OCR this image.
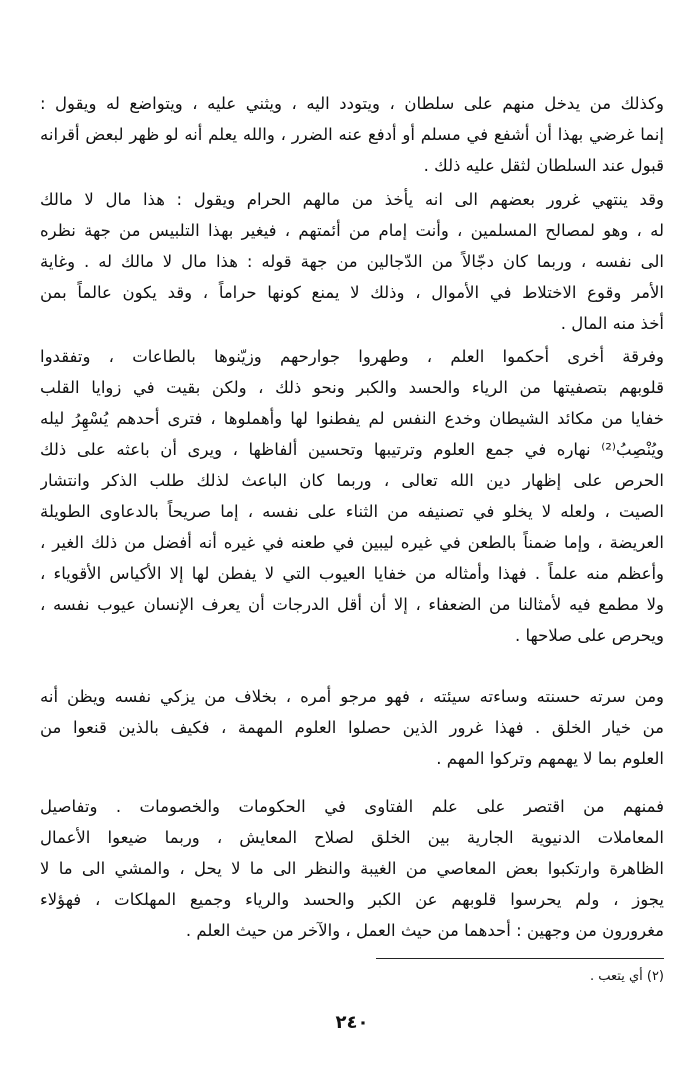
وكذلك من يدخل منهم على سلطان ، ويتودد اليه ، ويثني عليه ، ويتواضع له ويقول :
إنما غرضي بهذا أن أشفع في مسلم أو أدفع عنه الضرر ، والله يعلم أنه لو ظهر لبعض أقرانه
قبول عند السلطان لثقل عليه ذلك .

وقد ينتهي غرور بعضهم الى انه يأخذ من مالهم الحرام ويقول : هذا مال لا مالك
له ، وهو لمصالح المسلمين ، وأنت إمام من أئمتهم ، فيغير بهذا التلبيس من جهة نظره
الى نفسه ، وربما كان دجّالاً من الدّجالين من جهة قوله : هذا مال لا مالك له . وغاية
الأمر وقوع الاختلاط في الأموال ، وذلك لا يمنع كونها حراماً ، وقد يكون عالماً بمن
أخذ منه المال .

وفرقة أخرى أحكموا العلم ، وطهروا جوارحهم وزيّنوها بالطاعات ، وتفقدوا
قلوبهم بتصفيتها من الرياء والحسد والكبر ونحو ذلك ، ولكن بقيت في زوايا القلب
خفايا من مكائد الشيطان وخدع النفس لم يفطنوا لها وأهملوها ، فترى أحدهم يُسْهِرُ ليله
ويُنْصِبُ⁽²⁾ نهاره في جمع العلوم وترتيبها وتحسين ألفاظها ، ويرى أن باعثه على ذلك
الحرص على إظهار دين الله تعالى ، وربما كان الباعث لذلك طلب الذكر وانتشار
الصيت ، ولعله لا يخلو في تصنيفه من الثناء على نفسه ، إما صريحاً بالدعاوى الطويلة
العريضة ، وإما ضمناً بالطعن في غيره ليبين في طعنه في غيره أنه أفضل من ذلك الغير ،
وأعظم منه علماً . فهذا وأمثاله من خفايا العيوب التي لا يفطن لها إلا الأكياس الأقوياء ،
ولا مطمع فيه لأمثالنا من الضعفاء ، إلا أن أقل الدرجات أن يعرف الإنسان عيوب نفسه ،
ويحرص على صلاحها .

ومن سرته حسنته وساءته سيئته ، فهو مرجو أمره ، بخلاف من يزكي نفسه ويظن أنه
من خيار الخلق . فهذا غرور الذين حصلوا العلوم المهمة ، فكيف بالذين قنعوا من
العلوم بما لا يهمهم وتركوا المهم .

فمنهم من اقتصر على علم الفتاوى في الحكومات والخصومات . وتفاصيل
المعاملات الدنيوية الجارية بين الخلق لصلاح المعايش ، وربما ضيعوا الأعمال
الظاهرة وارتكبوا بعض المعاصي من الغيبة والنظر الى ما لا يحل ، والمشي الى ما لا
يجوز ، ولم يحرسوا قلوبهم عن الكبر والحسد والرياء وجميع المهلكات ، فهؤلاء
مغرورون من وجهين : أحدهما من حيث العمل ، والآخر من حيث العلم .

(٢) أي يتعب .
٢٤٠
